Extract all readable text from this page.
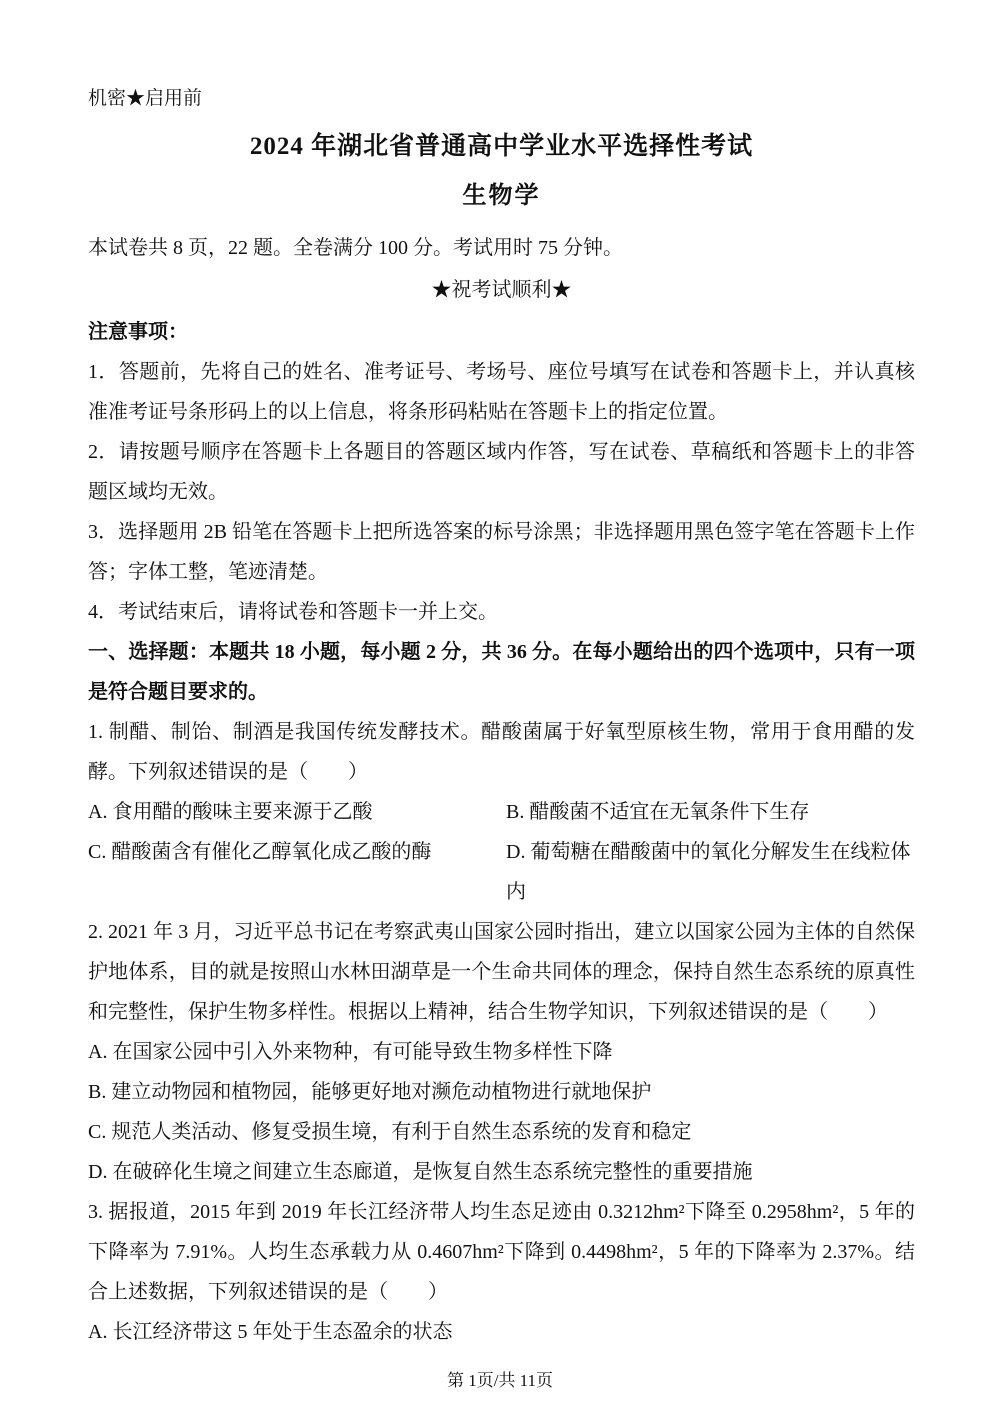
机密★启用前
2024 年湖北省普通高中学业水平选择性考试
生物学

本试卷共 8 页，22 题。全卷满分 100 分。考试用时 75 分钟。

★祝考试顺利★

注意事项：

1．答题前，先将自己的姓名、准考证号、考场号、座位号填写在试卷和答题卡上，并认真核准准考证号条形码上的以上信息，将条形码粘贴在答题卡上的指定位置。

2．请按题号顺序在答题卡上各题目的答题区域内作答，写在试卷、草稿纸和答题卡上的非答题区域均无效。

3．选择题用 2B 铅笔在答题卡上把所选答案的标号涂黑；非选择题用黑色签字笔在答题卡上作答；字体工整，笔迹清楚。

4．考试结束后，请将试卷和答题卡一并上交。

一、选择题：本题共 18 小题，每小题 2 分，共 36 分。在每小题给出的四个选项中，只有一项是符合题目要求的。

1. 制醋、制饴、制酒是我国传统发酵技术。醋酸菌属于好氧型原核生物，常用于食用醋的发酵。下列叙述错误的是（　　）

A. 食用醋的酸味主要来源于乙酸	B. 醋酸菌不适宜在无氧条件下生存

C. 醋酸菌含有催化乙醇氧化成乙酸的酶	D. 葡萄糖在醋酸菌中的氧化分解发生在线粒体内

2. 2021 年 3 月，习近平总书记在考察武夷山国家公园时指出，建立以国家公园为主体的自然保护地体系，目的就是按照山水林田湖草是一个生命共同体的理念，保持自然生态系统的原真性和完整性，保护生物多样性。根据以上精神，结合生物学知识，下列叙述错误的是（　　）

A. 在国家公园中引入外来物种，有可能导致生物多样性下降

B. 建立动物园和植物园，能够更好地对濒危动植物进行就地保护

C. 规范人类活动、修复受损生境，有利于自然生态系统的发育和稳定

D. 在破碎化生境之间建立生态廊道，是恢复自然生态系统完整性的重要措施

3. 据报道，2015 年到 2019 年长江经济带人均生态足迹由 0.3212hm²下降至 0.2958hm²，5 年的下降率为 7.91%。人均生态承载力从 0.4607hm²下降到 0.4498hm²，5 年的下降率为 2.37%。结合上述数据，下列叙述错误的是（　　）

A. 长江经济带这 5 年处于生态盈余的状态

第 1页/共 11页
